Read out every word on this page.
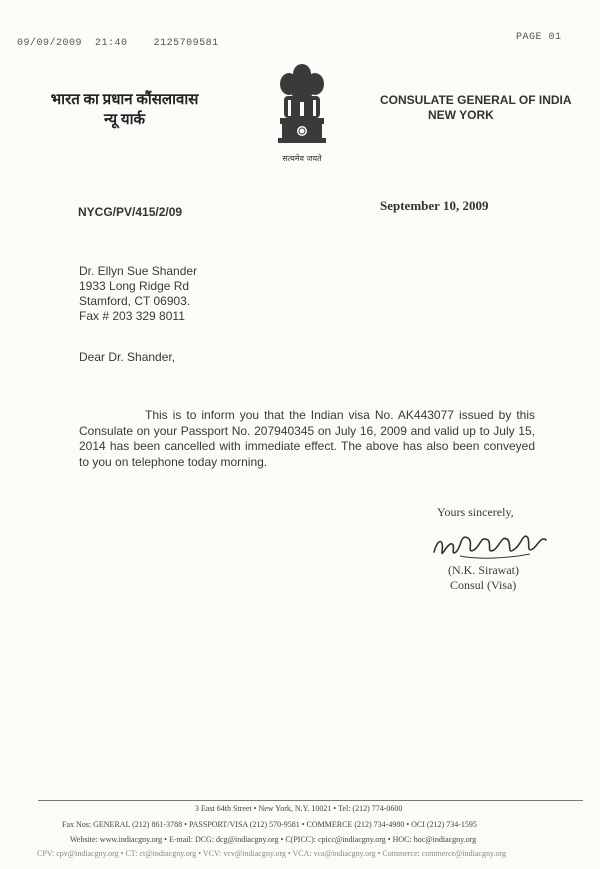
09/09/2009 21:40	2125709581
PAGE 01
भारत का प्रधान कौंसलावास
न्यू यार्क
सत्यमेव जयते
CONSULATE GENERAL OF INDIA
NEW YORK
NYCG/PV/415/2/09	September 10, 2009
Dr. Ellyn Sue Shander
1933 Long Ridge Rd
Stamford, CT 06903.
Fax # 203 329 8011
Dear Dr. Shander,
This is to inform you that the Indian visa No. AK443077 issued by this Consulate on your Passport No. 207940345 on July 16, 2009 and valid up to July 15, 2014 has been cancelled with immediate effect. The above has also been conveyed to you on telephone today morning.
Yours sincerely,
(N.K. Sirawat)
Consul (Visa)
3 East 64th Street • New York, N.Y. 10021 • Tel: (212) 774-0600
Fax Nos: GENERAL (212) 861-3788 • PASSPORT/VISA (212) 570-9581 • COMMERCE (212) 734-4980 • OCI (212) 734-1595
Website: www.indiacgny.org • E-mail: DCG: dcg@indiacgny.org • C(PICC): cpicc@indiacgny.org • HOC: hoc@indiacgny.org
CPV: cpv@indiacgny.org • CT: ct@indiacgny.org • VCV: vcv@indiacgny.org • VCA: vca@indiacgny.org • Commerce: commerce@indiacgny.org
